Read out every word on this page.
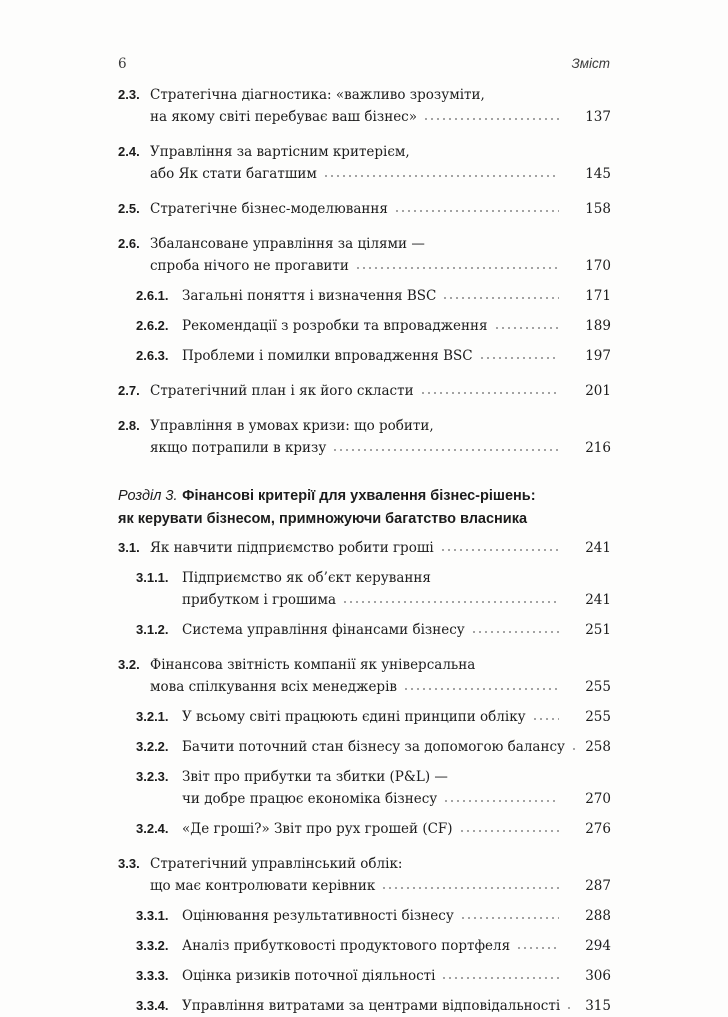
6	Зміст
2.3. Стратегічна діагностика: «важливо зрозуміти,
на якому світі перебуває ваш бізнес»	137
2.4. Управління за вартісним критерієм,
або Як стати багатшим	145
2.5. Стратегічне бізнес-моделювання	158
2.6. Збалансоване управління за цілями —
спроба нічого не прогавити	170
2.6.1. Загальні поняття і визначення BSC	171
2.6.2. Рекомендації з розробки та впровадження	189
2.6.3. Проблеми і помилки впровадження BSC	197
2.7. Стратегічний план і як його скласти	201
2.8. Управління в умовах кризи: що робити,
якщо потрапили в кризу	216
Розділ 3. Фінансові критерії для ухвалення бізнес-рішень:
як керувати бізнесом, примножуючи багатство власника
3.1. Як навчити підприємство робити гроші	241
3.1.1. Підприємство як об’єкт керування
прибутком і грошима	241
3.1.2. Система управління фінансами бізнесу	251
3.2. Фінансова звітність компанії як універсальна
мова спілкування всіх менеджерів	255
3.2.1. У всьому світі працюють єдині принципи обліку	255
3.2.2. Бачити поточний стан бізнесу за допомогою балансу	258
3.2.3. Звіт про прибутки та збитки (P&L) —
чи добре працює економіка бізнесу	270
3.2.4. «Де гроші?» Звіт про рух грошей (CF)	276
3.3. Стратегічний управлінський облік:
що має контролювати керівник	287
3.3.1. Оцінювання результативності бізнесу	288
3.3.2. Аналіз прибутковості продуктового портфеля	294
3.3.3. Оцінка ризиків поточної діяльності	306
3.3.4. Управління витратами за центрами відповідальності	315
